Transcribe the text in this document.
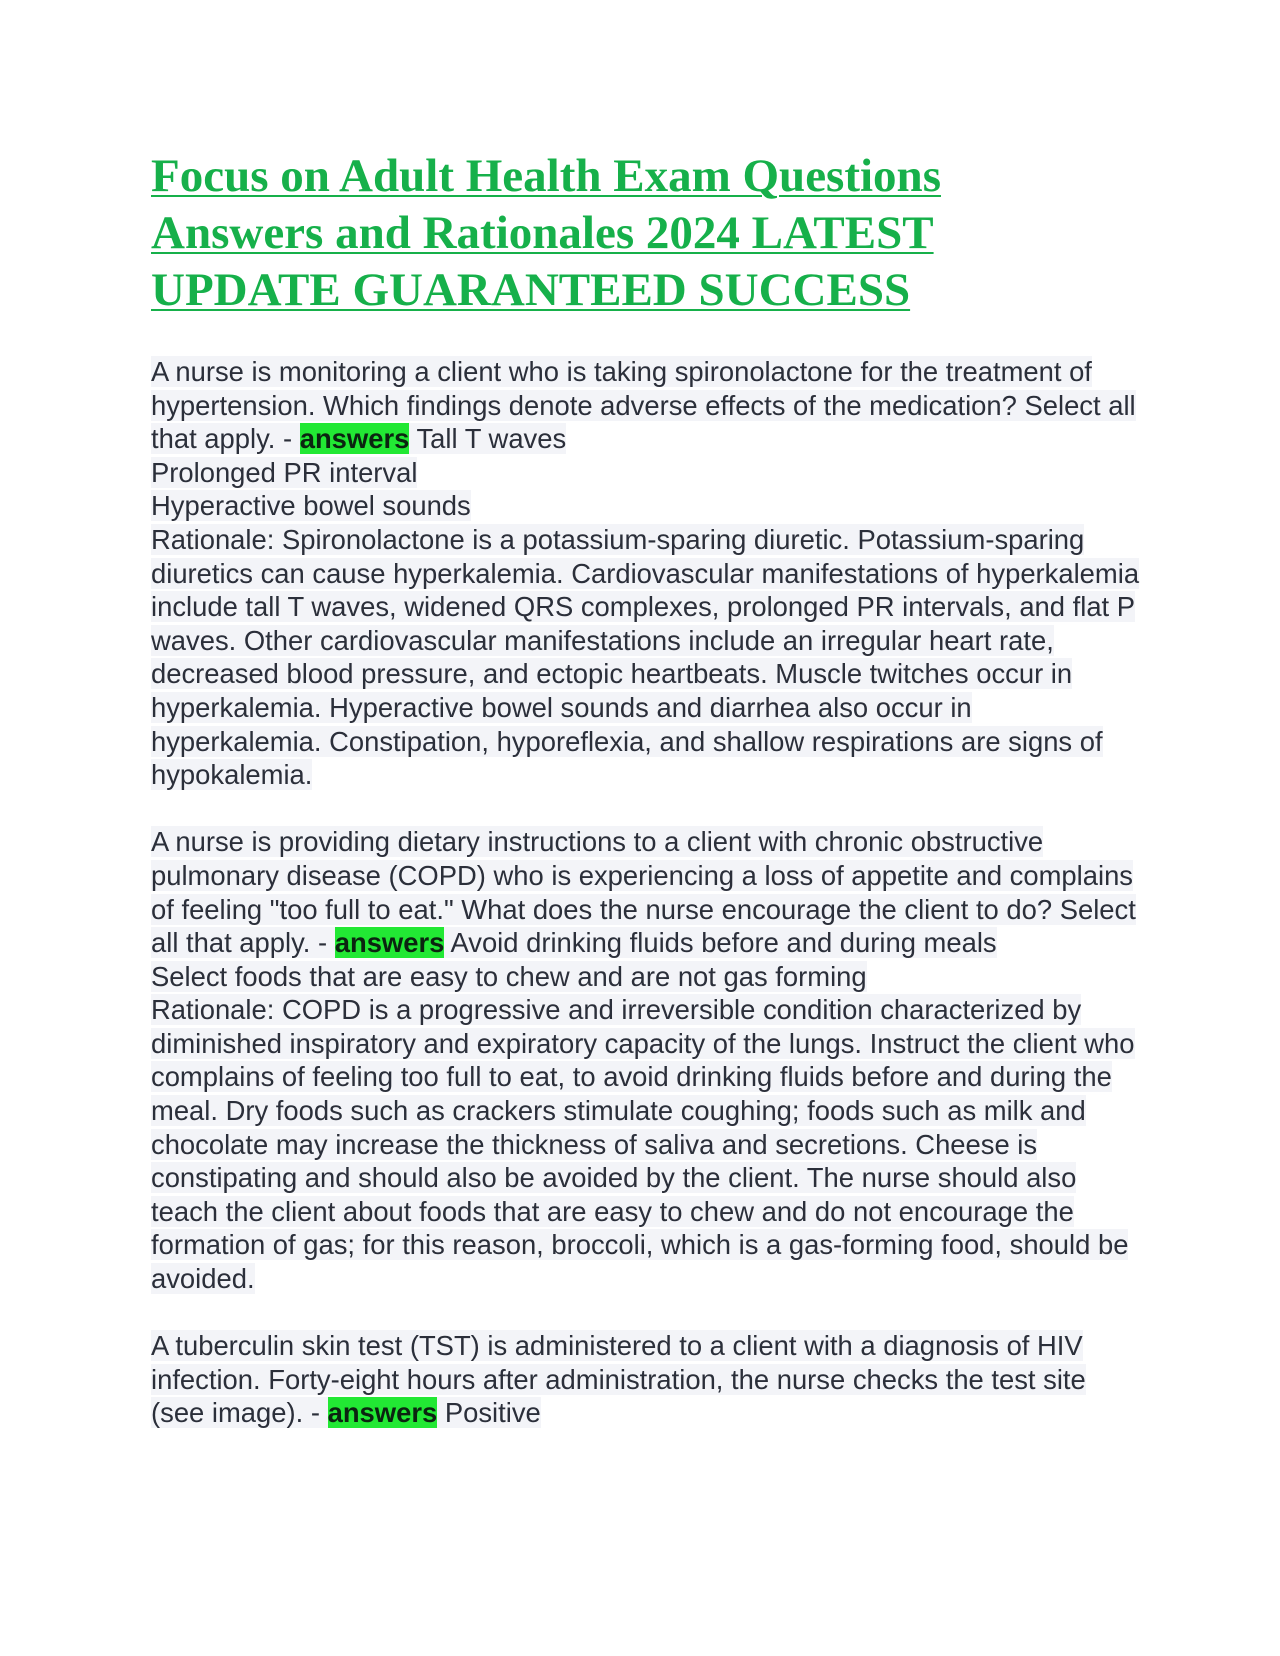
Focus on Adult Health Exam Questions
Answers and Rationales 2024 LATEST
UPDATE GUARANTEED SUCCESS
A nurse is monitoring a client who is taking spironolactone for the treatment of hypertension. Which findings denote adverse effects of the medication? Select all that apply. - answers Tall T waves
Prolonged PR interval
Hyperactive bowel sounds
Rationale: Spironolactone is a potassium-sparing diuretic. Potassium-sparing diuretics can cause hyperkalemia. Cardiovascular manifestations of hyperkalemia include tall T waves, widened QRS complexes, prolonged PR intervals, and flat P waves. Other cardiovascular manifestations include an irregular heart rate, decreased blood pressure, and ectopic heartbeats. Muscle twitches occur in hyperkalemia. Hyperactive bowel sounds and diarrhea also occur in hyperkalemia. Constipation, hyporeflexia, and shallow respirations are signs of hypokalemia.
A nurse is providing dietary instructions to a client with chronic obstructive pulmonary disease (COPD) who is experiencing a loss of appetite and complains of feeling "too full to eat." What does the nurse encourage the client to do? Select all that apply. - answers Avoid drinking fluids before and during meals
Select foods that are easy to chew and are not gas forming
Rationale: COPD is a progressive and irreversible condition characterized by diminished inspiratory and expiratory capacity of the lungs. Instruct the client who complains of feeling too full to eat, to avoid drinking fluids before and during the meal. Dry foods such as crackers stimulate coughing; foods such as milk and chocolate may increase the thickness of saliva and secretions. Cheese is constipating and should also be avoided by the client. The nurse should also teach the client about foods that are easy to chew and do not encourage the formation of gas; for this reason, broccoli, which is a gas-forming food, should be avoided.
A tuberculin skin test (TST) is administered to a client with a diagnosis of HIV infection. Forty-eight hours after administration, the nurse checks the test site (see image). - answers Positive
